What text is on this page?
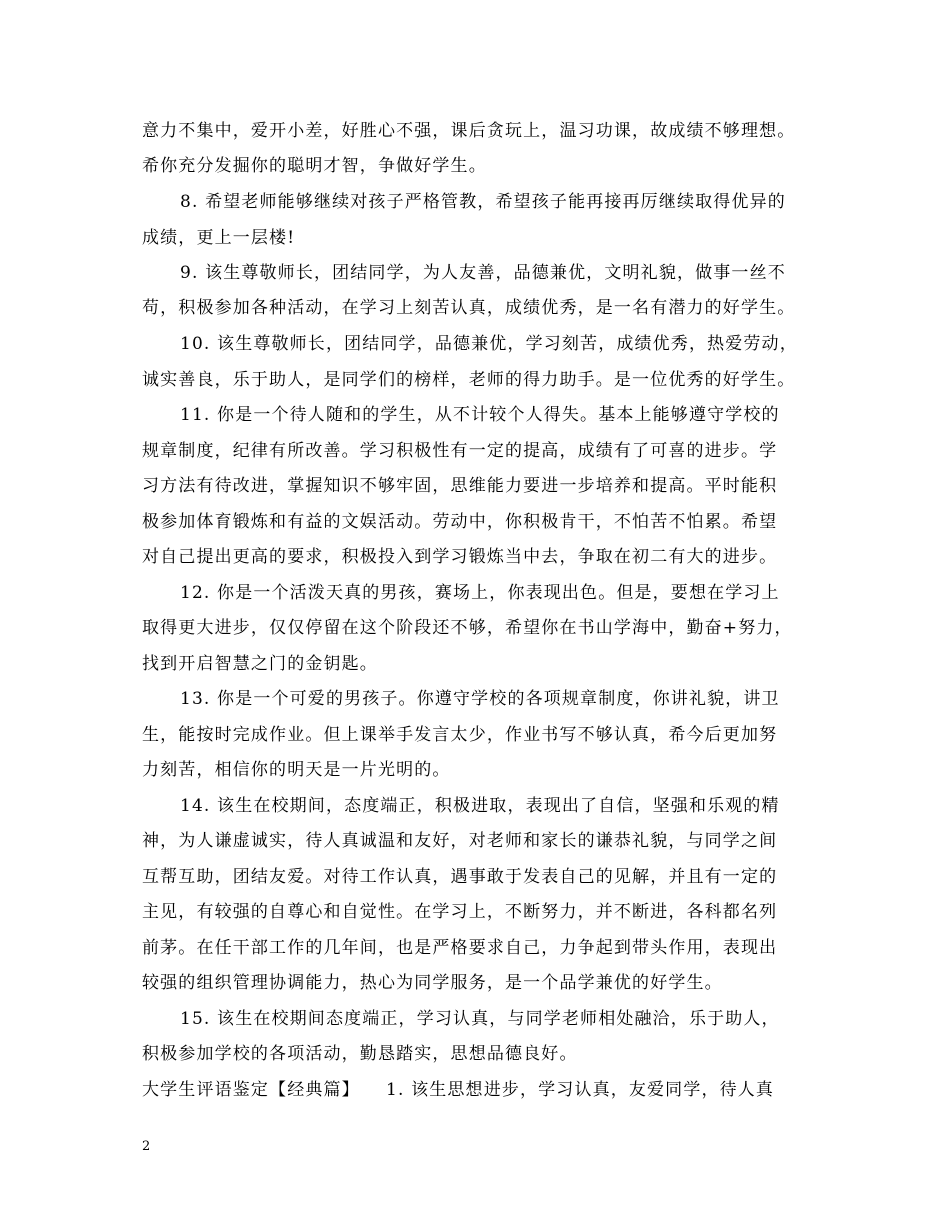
意力不集中，爱开小差，好胜心不强，课后贪玩上，温习功课，故成绩不够理想。
希你充分发掘你的聪明才智，争做好学生。
8. 希望老师能够继续对孩子严格管教，希望孩子能再接再厉继续取得优异的
成绩，更上一层楼!
9. 该生尊敬师长，团结同学，为人友善，品德兼优，文明礼貌，做事一丝不
苟，积极参加各种活动，在学习上刻苦认真，成绩优秀，是一名有潜力的好学生。
10. 该生尊敬师长，团结同学，品德兼优，学习刻苦，成绩优秀，热爱劳动，
诚实善良，乐于助人，是同学们的榜样，老师的得力助手。是一位优秀的好学生。
11. 你是一个待人随和的学生，从不计较个人得失。基本上能够遵守学校的
规章制度，纪律有所改善。学习积极性有一定的提高，成绩有了可喜的进步。学
习方法有待改进，掌握知识不够牢固，思维能力要进一步培养和提高。平时能积
极参加体育锻炼和有益的文娱活动。劳动中，你积极肯干，不怕苦不怕累。希望
对自己提出更高的要求，积极投入到学习锻炼当中去，争取在初二有大的进步。
12. 你是一个活泼天真的男孩，赛场上，你表现出色。但是，要想在学习上
取得更大进步，仅仅停留在这个阶段还不够，希望你在书山学海中，勤奋+努力，
找到开启智慧之门的金钥匙。
13. 你是一个可爱的男孩子。你遵守学校的各项规章制度，你讲礼貌，讲卫
生，能按时完成作业。但上课举手发言太少，作业书写不够认真，希今后更加努
力刻苦，相信你的明天是一片光明的。
14. 该生在校期间，态度端正，积极进取，表现出了自信，坚强和乐观的精
神，为人谦虚诚实，待人真诚温和友好，对老师和家长的谦恭礼貌，与同学之间
互帮互助，团结友爱。对待工作认真，遇事敢于发表自己的见解，并且有一定的
主见，有较强的自尊心和自觉性。在学习上，不断努力，并不断进，各科都名列
前茅。在任干部工作的几年间，也是严格要求自己，力争起到带头作用，表现出
较强的组织管理协调能力，热心为同学服务，是一个品学兼优的好学生。
15. 该生在校期间态度端正，学习认真，与同学老师相处融洽，乐于助人，
积极参加学校的各项活动，勤恳踏实，思想品德良好。
大学生评语鉴定【经典篇】    1. 该生思想进步，学习认真，友爱同学，待人真
2
